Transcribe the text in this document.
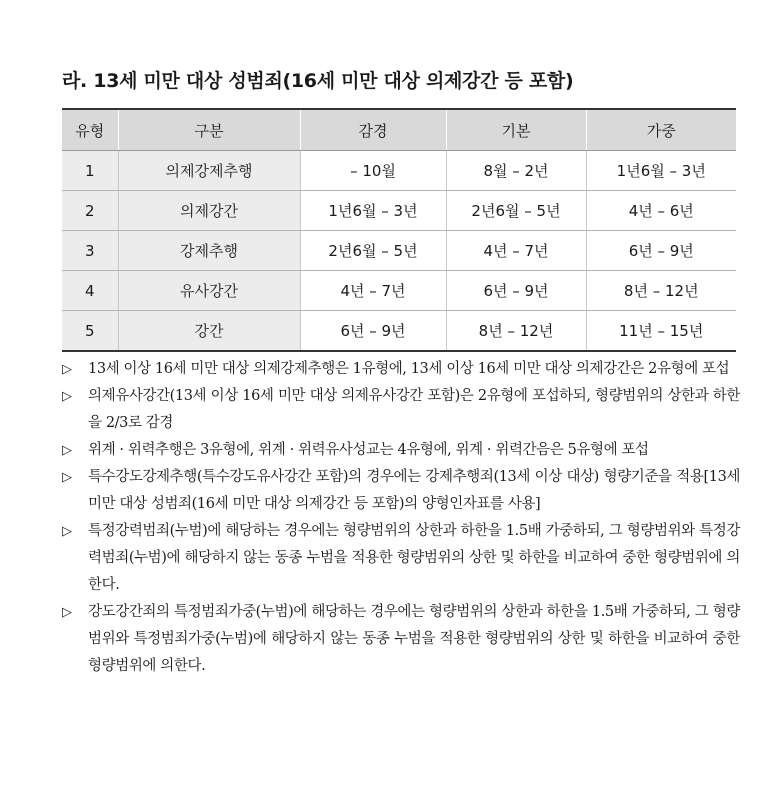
라. 13세 미만 대상 성범죄(16세 미만 대상 의제강간 등 포함)
유형	구분	감경	기본	가중
1	의제강제추행	– 10월	8월 – 2년	1년6월 – 3년
2	의제강간	1년6월 – 3년	2년6월 – 5년	4년 – 6년
3	강제추행	2년6월 – 5년	4년 – 7년	6년 – 9년
4	유사강간	4년 – 7년	6년 – 9년	8년 – 12년
5	강간	6년 – 9년	8년 – 12년	11년 – 15년
▷	13세 이상 16세 미만 대상 의제강제추행은 1유형에, 13세 이상 16세 미만 대상 의제강간은 2유형에 포섭
▷	의제유사강간(13세 이상 16세 미만 대상 의제유사강간 포함)은 2유형에 포섭하되, 형량범위의 상한과 하한을 2/3로 감경
▷	위계 · 위력추행은 3유형에, 위계 · 위력유사성교는 4유형에, 위계 · 위력간음은 5유형에 포섭
▷	특수강도강제추행(특수강도유사강간 포함)의 경우에는 강제추행죄(13세 이상 대상) 형량기준을 적용[13세 미만 대상 성범죄(16세 미만 대상 의제강간 등 포함)의 양형인자표를 사용]
▷	특정강력범죄(누범)에 해당하는 경우에는 형량범위의 상한과 하한을 1.5배 가중하되, 그 형량범위와 특정강력범죄(누범)에 해당하지 않는 동종 누범을 적용한 형량범위의 상한 및 하한을 비교하여 중한 형량범위에 의한다.
▷	강도강간죄의 특정범죄가중(누범)에 해당하는 경우에는 형량범위의 상한과 하한을 1.5배 가중하되, 그 형량범위와 특정범죄가중(누범)에 해당하지 않는 동종 누범을 적용한 형량범위의 상한 및 하한을 비교하여 중한 형량범위에 의한다.
